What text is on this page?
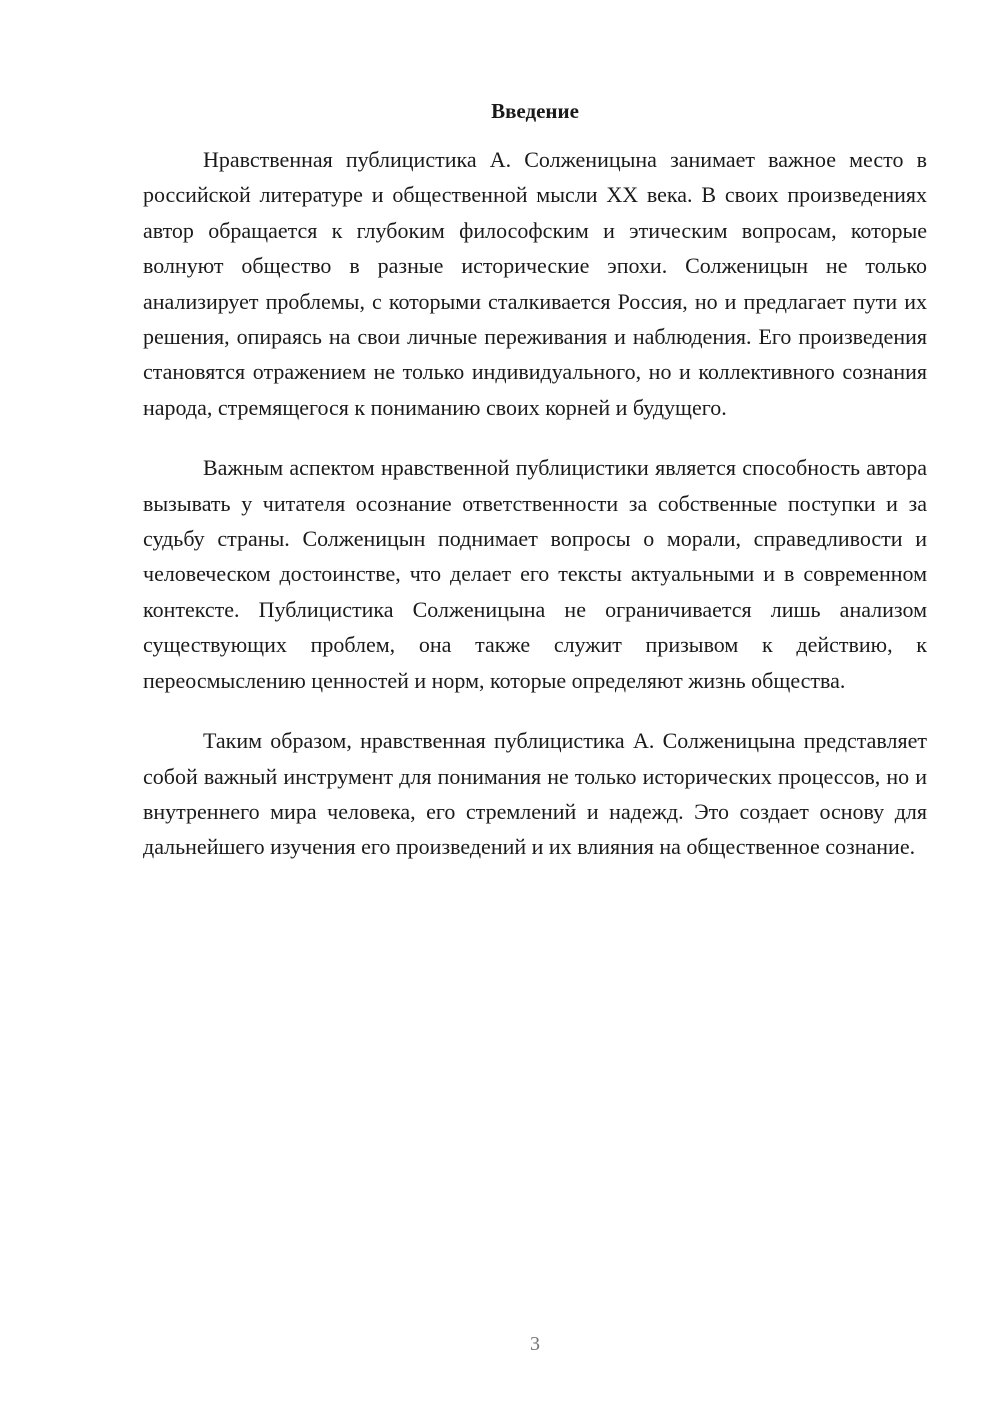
Введение

Нравственная публицистика А. Солженицына занимает важное место в российской литературе и общественной мысли XX века. В своих произведениях автор обращается к глубоким философским и этическим вопросам, которые волнуют общество в разные исторические эпохи. Солженицын не только анализирует проблемы, с которыми сталкивается Россия, но и предлагает пути их решения, опираясь на свои личные переживания и наблюдения. Его произведения становятся отражением не только индивидуального, но и коллективного сознания народа, стремящегося к пониманию своих корней и будущего.

Важным аспектом нравственной публицистики является способность автора вызывать у читателя осознание ответственности за собственные поступки и за судьбу страны. Солженицын поднимает вопросы о морали, справедливости и человеческом достоинстве, что делает его тексты актуальными и в современном контексте. Публицистика Солженицына не ограничивается лишь анализом существующих проблем, она также служит призывом к действию, к переосмыслению ценностей и норм, которые определяют жизнь общества.

Таким образом, нравственная публицистика А. Солженицына представляет собой важный инструмент для понимания не только исторических процессов, но и внутреннего мира человека, его стремлений и надежд. Это создает основу для дальнейшего изучения его произведений и их влияния на общественное сознание.

3
